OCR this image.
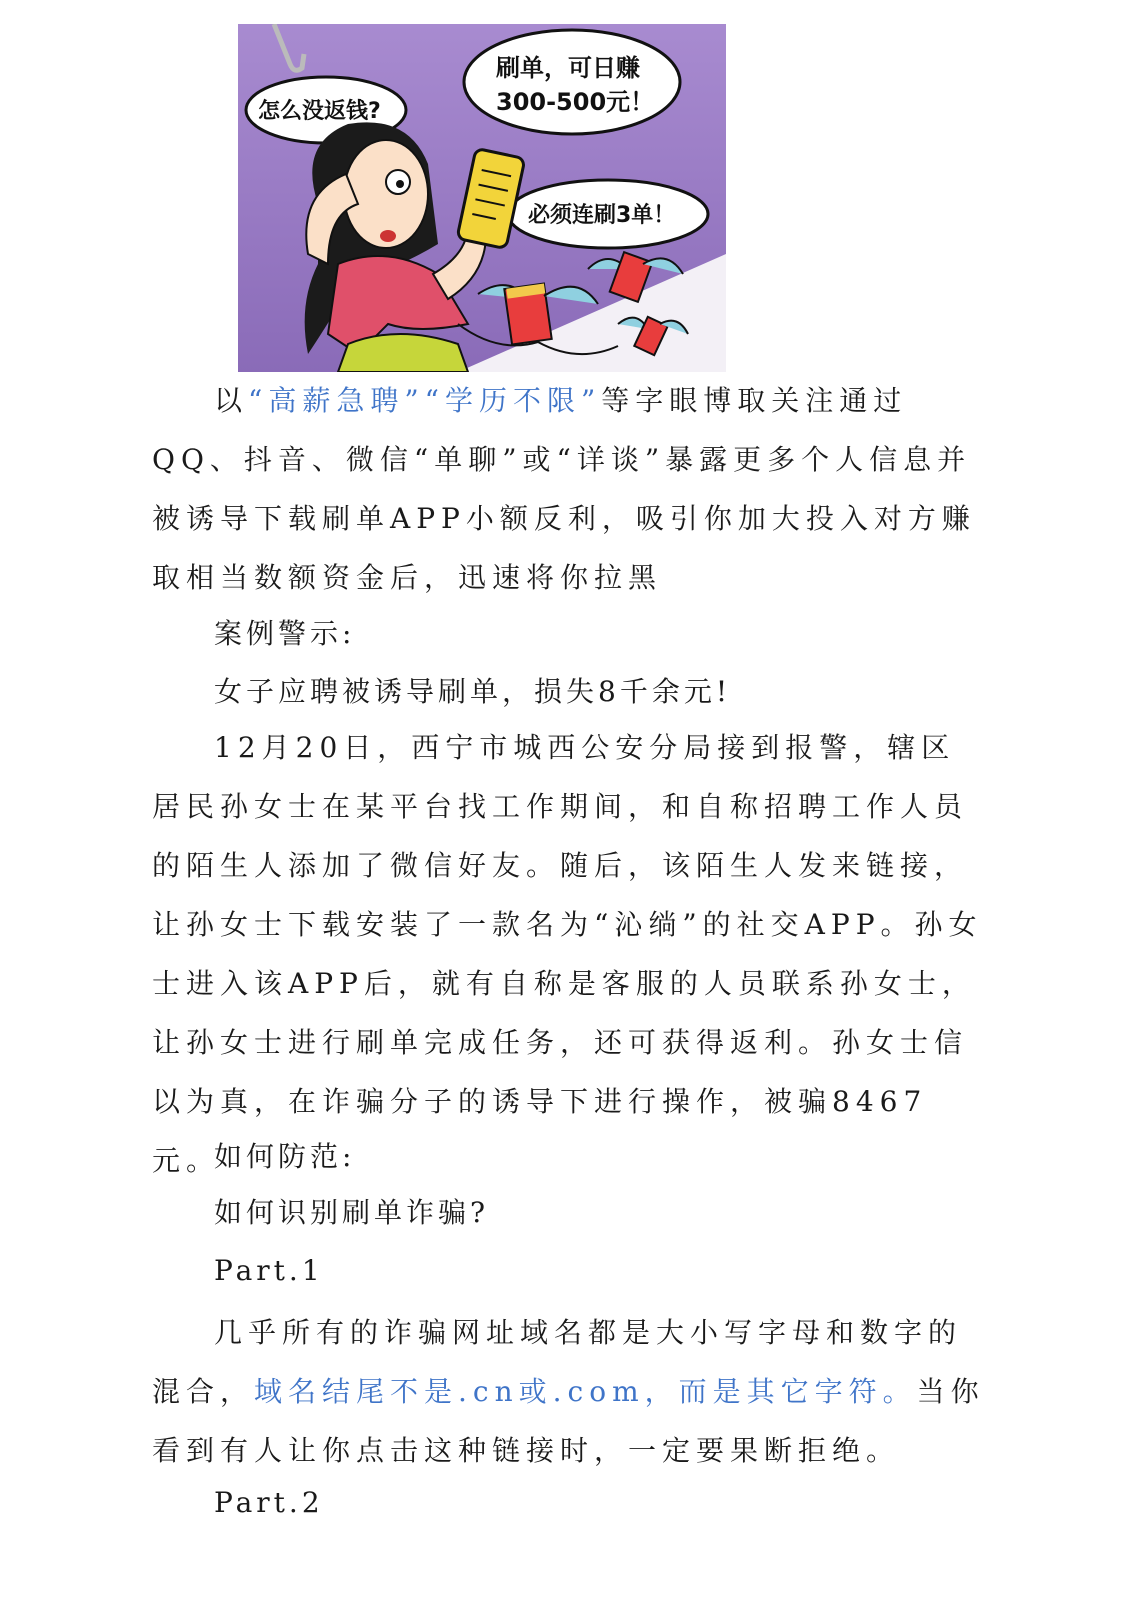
怎么没返钱?
刷单，可日赚
300-500元！
必须连刷3单！

以“高薪急聘”“学历不限”等字眼博取关注通过QQ、抖音、微信“单聊”或“详谈”暴露更多个人信息并被诱导下载刷单APP小额反利，吸引你加大投入对方赚取相当数额资金后，迅速将你拉黑

案例警示:

女子应聘被诱导刷单，损失8千余元!

12月20日，西宁市城西公安分局接到报警，辖区居民孙女士在某平台找工作期间，和自称招聘工作人员的陌生人添加了微信好友。随后，该陌生人发来链接，让孙女士下载安装了一款名为“沁绱”的社交APP。孙女士进入该APP后，就有自称是客服的人员联系孙女士，让孙女士进行刷单完成任务，还可获得返利。孙女士信以为真，在诈骗分子的诱导下进行操作，被骗8467元。

如何防范:

如何识别刷单诈骗?

Part.1

几乎所有的诈骗网址域名都是大小写字母和数字的混合，域名结尾不是.cn或.com，而是其它字符。当你看到有人让你点击这种链接时，一定要果断拒绝。

Part.2
